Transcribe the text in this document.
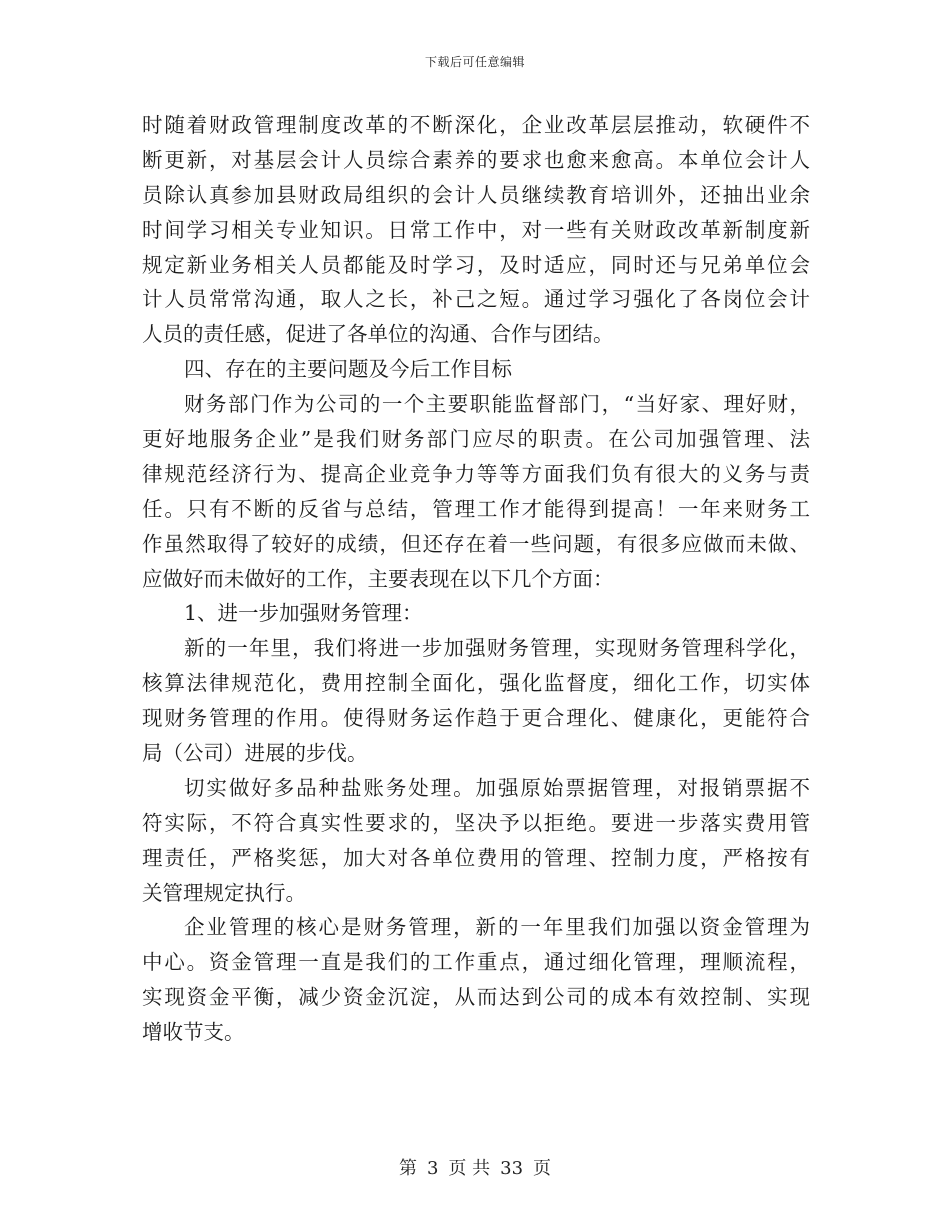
下载后可任意编辑
时随着财政管理制度改革的不断深化，企业改革层层推动，软硬件不
断更新，对基层会计人员综合素养的要求也愈来愈高。本单位会计人
员除认真参加县财政局组织的会计人员继续教育培训外，还抽出业余
时间学习相关专业知识。日常工作中，对一些有关财政改革新制度新
规定新业务相关人员都能及时学习，及时适应，同时还与兄弟单位会
计人员常常沟通，取人之长，补己之短。通过学习强化了各岗位会计
人员的责任感，促进了各单位的沟通、合作与团结。
四、存在的主要问题及今后工作目标
财务部门作为公司的一个主要职能监督部门，“当好家、理好财，
更好地服务企业”是我们财务部门应尽的职责。在公司加强管理、法
律规范经济行为、提高企业竞争力等等方面我们负有很大的义务与责
任。只有不断的反省与总结，管理工作才能得到提高！一年来财务工
作虽然取得了较好的成绩，但还存在着一些问题，有很多应做而未做、
应做好而未做好的工作，主要表现在以下几个方面：
1、进一步加强财务管理：
新的一年里，我们将进一步加强财务管理，实现财务管理科学化，
核算法律规范化，费用控制全面化，强化监督度，细化工作，切实体
现财务管理的作用。使得财务运作趋于更合理化、健康化，更能符合
局（公司）进展的步伐。
切实做好多品种盐账务处理。加强原始票据管理，对报销票据不
符实际，不符合真实性要求的，坚决予以拒绝。要进一步落实费用管
理责任，严格奖惩，加大对各单位费用的管理、控制力度，严格按有
关管理规定执行。
企业管理的核心是财务管理，新的一年里我们加强以资金管理为
中心。资金管理一直是我们的工作重点，通过细化管理，理顺流程，
实现资金平衡，减少资金沉淀，从而达到公司的成本有效控制、实现
增收节支。
第 3 页 共 33 页
